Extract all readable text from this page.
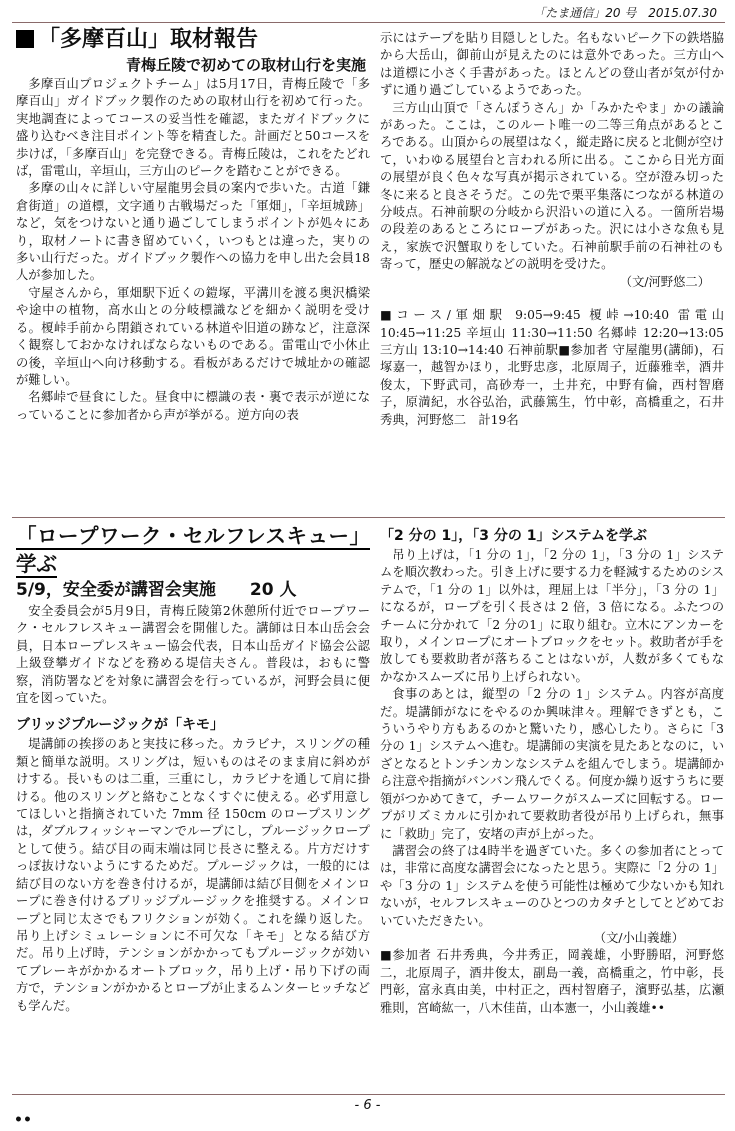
「たま通信」20 号　2015.07.30
「多摩百山」取材報告
青梅丘陵で初めての取材山行を実施

多摩百山プロジェクトチーム」は5月17日，青梅丘陵で「多摩百山」ガイドブック製作のための取材山行を初めて行った。実地調査によってコースの妥当性を確認，またガイドブックに盛り込むべき注目ポイント等を精査した。計画だと50コースを歩けば，「多摩百山」を完登できる。青梅丘陵は，これをたどれば，雷電山，辛垣山，三方山のピークを踏むことができる。

多摩の山々に詳しい守屋龍男会員の案内で歩いた。古道「鎌倉街道」の道標，文字通り古戦場だった「軍畑」，「辛垣城跡」など，気をつけないと通り過ごしてしまうポイントが処々にあり，取材ノートに書き留めていく，いつもとは違った，実りの多い山行だった。ガイドブック製作への協力を申し出た会員18人が参加した。

守屋さんから，軍畑駅下近くの鎧塚，平溝川を渡る奥沢橋梁や途中の植物，高水山との分岐標識などを細かく説明を受ける。榎峠手前から閉鎖されている林道や旧道の跡など，注意深く観察しておかなければならないものである。雷電山で小休止の後，辛垣山へ向け移動する。看板があるだけで城址かの確認が難しい。

名郷峠で昼食にした。昼食中に標識の表・裏で表示が逆になっていることに参加者から声が挙がる。逆方向の表

示にはテープを貼り目隠しとした。名もないピーク下の鉄塔脇から大岳山，御前山が見えたのには意外であった。三方山へは道標に小さく手書があった。ほとんどの登山者が気が付かずに通り過ごしているようであった。

三方山山頂で「さんぽうさん」か「みかたやま」かの議論があった。ここは，このルート唯一の二等三角点があるところである。山頂からの展望はなく，縦走路に戻ると北側が空けて，いわゆる展望台と言われる所に出る。ここから日光方面の展望が良く色々な写真が掲示されている。空が澄み切った冬に来ると良さそうだ。この先で栗平集落につながる林道の分岐点。石神前駅の分岐から沢沿いの道に入る。一箇所岩場の段差のあるところにロープがあった。沢には小さな魚も見え，家族で沢蟹取りをしていた。石神前駅手前の石神社のも寄って，歴史の解説などの説明を受けた。

（文/河野悠二）

■コース/軍畑駅 9:05→9:45 榎峠→10:40 雷電山 10:45→11:25 辛垣山 11:30→11:50 名郷峠 12:20→13:05 三方山 13:10→14:40 石神前駅■参加者 守屋龍男(講師)，石塚嘉一，越智かほり，北野忠彦，北原周子，近藤雅幸，酒井俊太，下野武司，高砂寿一，土井充，中野有倫，西村智磨子，原満紀，水谷弘治，武藤篤生，竹中彰，高橋重之，石井秀典，河野悠二　計19名

「ロープワーク・セルフレスキュー」学ぶ
5/9，安全委が講習会実施　　 20 人

安全委員会が5月9日，青梅丘陵第2休憩所付近でロープワーク・セルフレスキュー講習会を開催した。講師は日本山岳会会員，日本ロープレスキュー協会代表，日本山岳ガイド協会公認上級登攀ガイドなどを務める堤信夫さん。普段は，おもに警察，消防署などを対象に講習会を行っているが，河野会員に便宜を図っていた。

ブリッジプルージックが「キモ」

堤講師の挨拶のあと実技に移った。カラビナ，スリングの種類と簡単な説明。スリングは，短いものはそのまま肩に斜めがけする。長いものは二重，三重にし，カラビナを通して肩に掛ける。他のスリングと絡むことなくすぐに使える。必ず用意してほしいと指摘されていた 7mm 径 150cm のロープスリングは，ダブルフィッシャーマンでループにし，プルージックロープとして使う。結び目の両末端は同じ長さに整える。片方だけすっぽ抜けないようにするためだ。プルージックは，一般的には結び目のない方を巻き付けるが，堤講師は結び目側をメインロープに巻き付けるブリッジプルージックを推奨する。メインロープと同じ太さでもフリクションが効く。これを繰り返した。吊り上げシミュレーションに不可欠な「キモ」となる結び方だ。吊り上げ時，テンションがかかってもプルージックが効いてブレーキがかかるオートブロック，吊り上げ・吊り下げの両方で，テンションがかかるとロープが止まるムンターヒッチなども学んだ。

「2 分の 1」，「3 分の 1」システムを学ぶ

吊り上げは，「1 分の 1」，「2 分の 1」，「3 分の 1」システムを順次教わった。引き上げに要する力を軽減するためのシステムで，「1 分の 1」以外は，理屈上は「半分」，「3 分の 1」になるが，ロープを引く長さは 2 倍，3 倍になる。ふたつのチームに分かれて「2 分の1」に取り組む。立木にアンカーを取り，メインロープにオートブロックをセット。救助者が手を放しても要救助者が落ちることはないが，人数が多くてもなかなかスムーズに吊り上げられない。

食事のあとは，縦型の「2 分の 1」システム。内容が高度だ。堤講師がなにをやるのか興味津々。理解できずとも，こういうやり方もあるのかと驚いたり，感心したり。さらに「3 分の 1」システムへ進む。堤講師の実演を見たあとなのに，いざとなるとトンチンカンなシステムを組んでしまう。堤講師から注意や指摘がバンバン飛んでくる。何度か繰り返すうちに要領がつかめてきて，チームワークがスムーズに回転する。ロープがリズミカルに引かれて要救助者役が吊り上げられ，無事に「救助」完了，安堵の声が上がった。

講習会の終了は4時半を過ぎていた。多くの参加者にとっては，非常に高度な講習会になったと思う。実際に「2 分の 1」や「3 分の 1」システムを使う可能性は極めて少ないかも知れないが，セルフレスキューのひとつのカタチとしてとどめておいていただきたい。

（文/小山義雄）

■参加者 石井秀典，今井秀正，岡義雄，小野勝昭，河野悠二，北原周子，酒井俊太，副島一義，高橋重之，竹中彰，長門彰，富永真由美，中村正之，西村智磨子，濱野弘基，広瀬雅則，宮崎紘一，八木佳苗，山本憲一，小山義雄••

- 6 -
••
